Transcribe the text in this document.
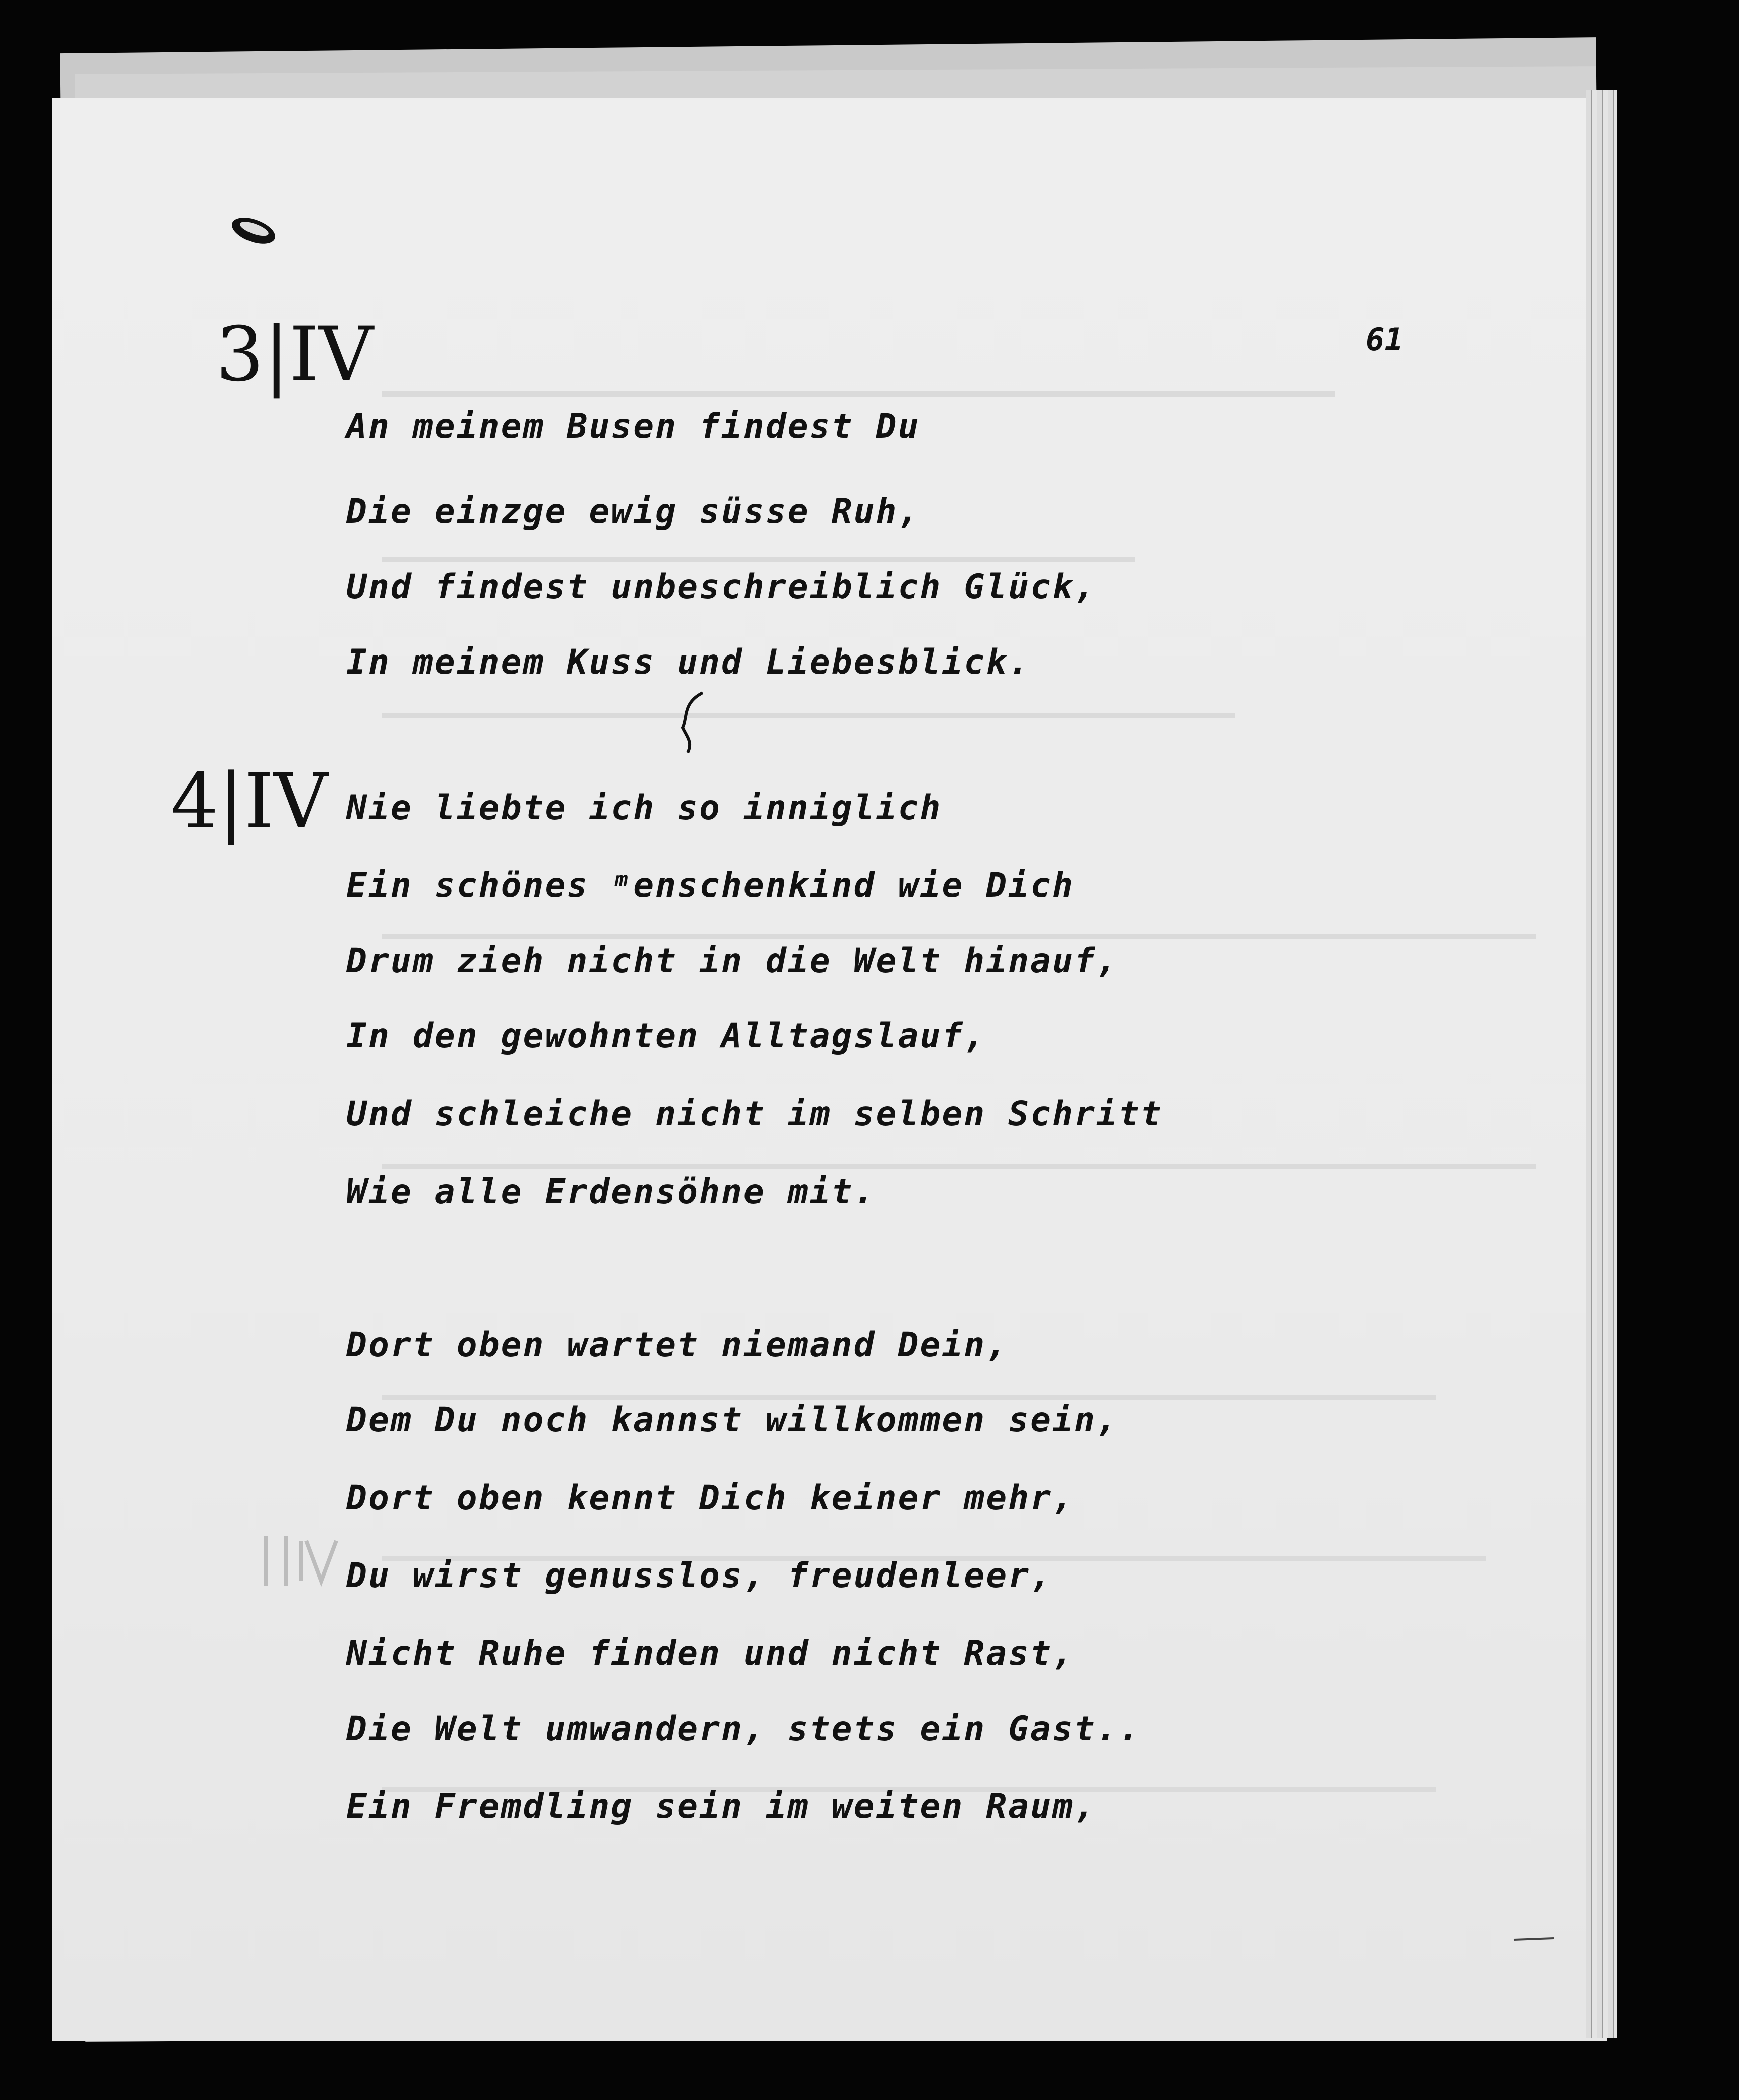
3|IV
4|IV
61
An meinem Busen findest Du
Die einzge ewig süsse Ruh,
Und findest unbeschreiblich Glück,
In meinem Kuss und Liebesblick.
Nie liebte ich so inniglich
Ein schönes ᵐenschenkind wie Dich
Drum zieh nicht in die Welt hinauf,
In den gewohnten Alltagslauf,
Und schleiche nicht im selben Schritt
Wie alle Erdensöhne mit.
Dort oben wartet niemand Dein,
Dem Du noch kannst willkommen sein,
Dort oben kennt Dich keiner mehr,
Du wirst genusslos, freudenleer,
Nicht Ruhe finden und nicht Rast,
Die Welt umwandern, stets ein Gast..
Ein Fremdling sein im weiten Raum,
